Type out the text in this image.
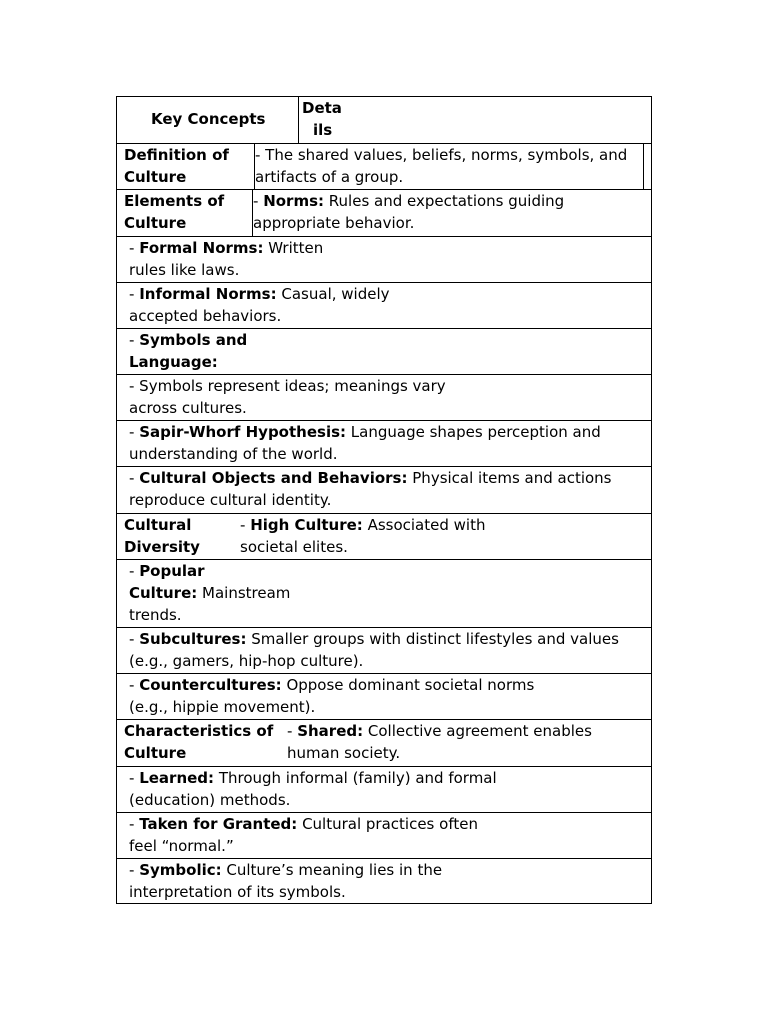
Key Concepts
Deta
ils
Definition of
Culture
- The shared values, beliefs, norms, symbols, and
artifacts of a group.
Elements of
Culture
- Norms: Rules and expectations guiding
appropriate behavior.
- Formal Norms: Written
rules like laws.
- Informal Norms: Casual, widely
accepted behaviors.
- Symbols and
Language:
- Symbols represent ideas; meanings vary
across cultures.
- Sapir-Whorf Hypothesis: Language shapes perception and
understanding of the world.
- Cultural Objects and Behaviors: Physical items and actions
reproduce cultural identity.
Cultural
Diversity
- High Culture: Associated with
societal elites.
- Popular
Culture: Mainstream
trends.
- Subcultures: Smaller groups with distinct lifestyles and values
(e.g., gamers, hip-hop culture).
- Countercultures: Oppose dominant societal norms
(e.g., hippie movement).
Characteristics of
Culture
- Shared: Collective agreement enables
human society.
- Learned: Through informal (family) and formal
(education) methods.
- Taken for Granted: Cultural practices often
feel “normal.”
- Symbolic: Culture’s meaning lies in the
interpretation of its symbols.
